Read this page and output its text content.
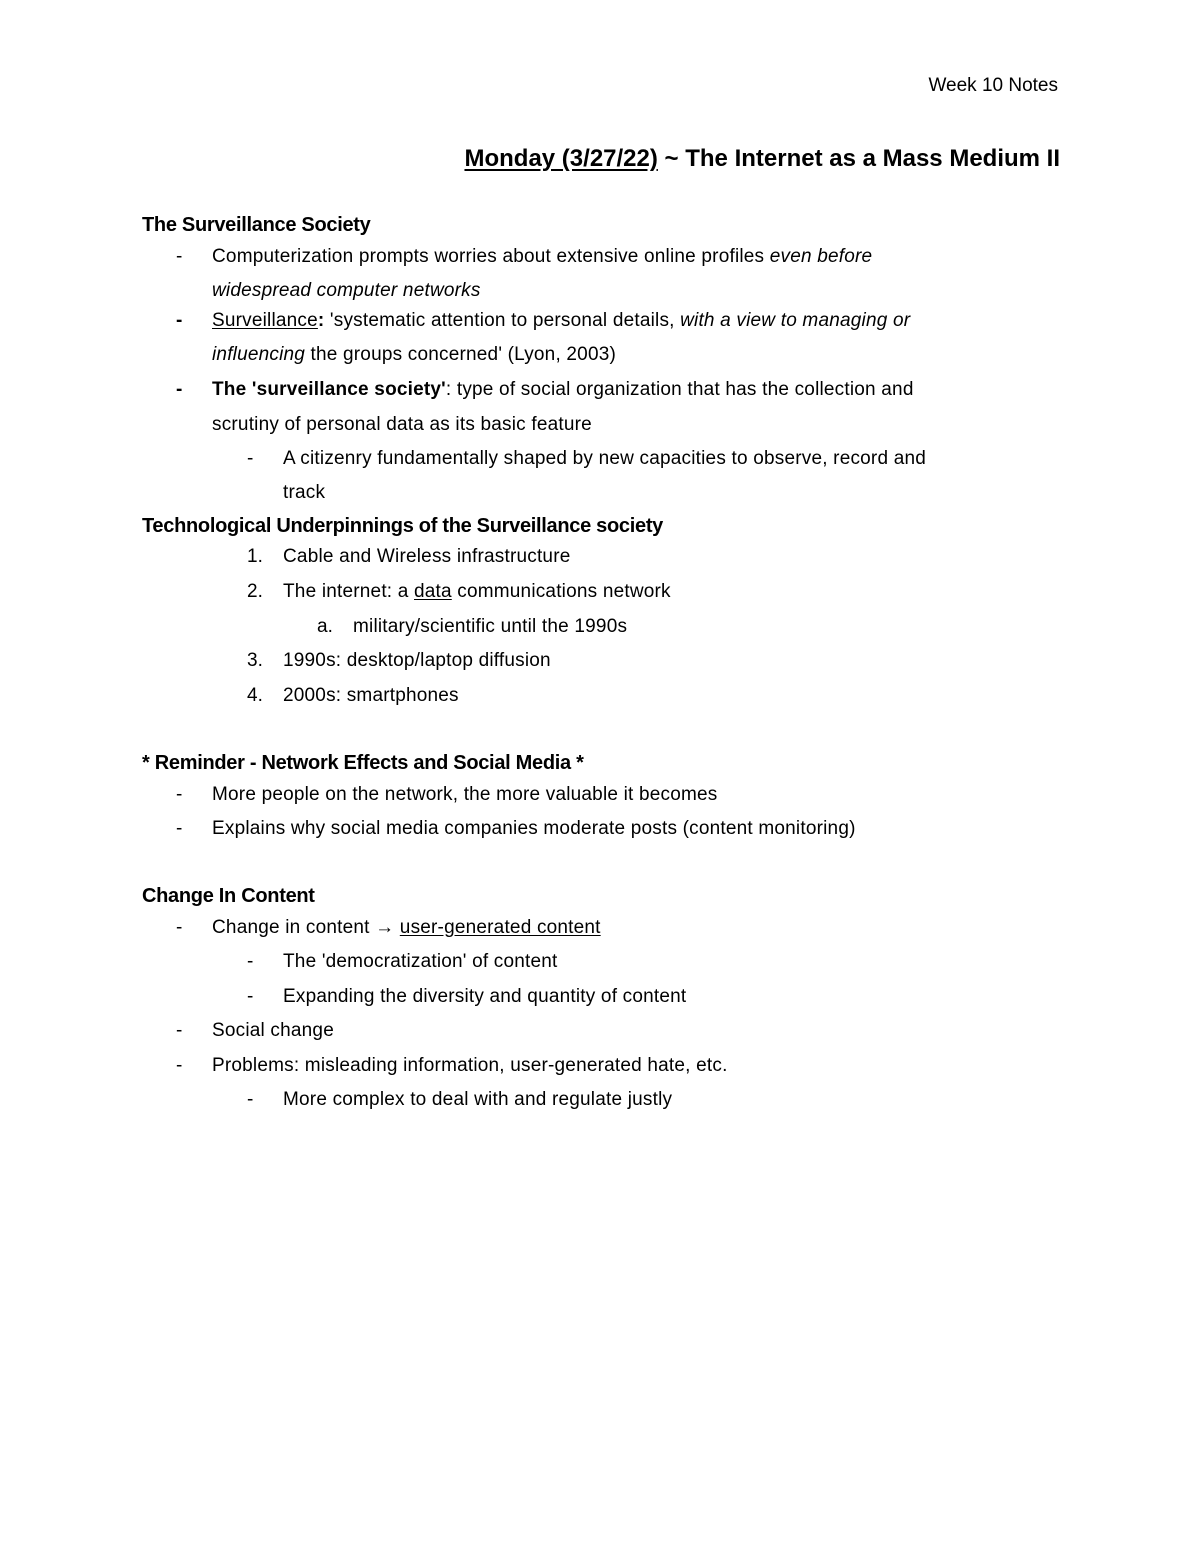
Week 10 Notes
Monday (3/27/22) ~ The Internet as a Mass Medium II
The Surveillance Society
- Computerization prompts worries about extensive online profiles even before
widespread computer networks
- Surveillance: 'systematic attention to personal details, with a view to managing or
influencing the groups concerned' (Lyon, 2003)
- The 'surveillance society': type of social organization that has the collection and
scrutiny of personal data as its basic feature
- A citizenry fundamentally shaped by new capacities to observe, record and
track
Technological Underpinnings of the Surveillance society
1. Cable and Wireless infrastructure
2. The internet: a data communications network
a. military/scientific until the 1990s
3. 1990s: desktop/laptop diffusion
4. 2000s: smartphones
* Reminder - Network Effects and Social Media *
- More people on the network, the more valuable it becomes
- Explains why social media companies moderate posts (content monitoring)
Change In Content
- Change in content → user-generated content
- The 'democratization' of content
- Expanding the diversity and quantity of content
- Social change
- Problems: misleading information, user-generated hate, etc.
- More complex to deal with and regulate justly
